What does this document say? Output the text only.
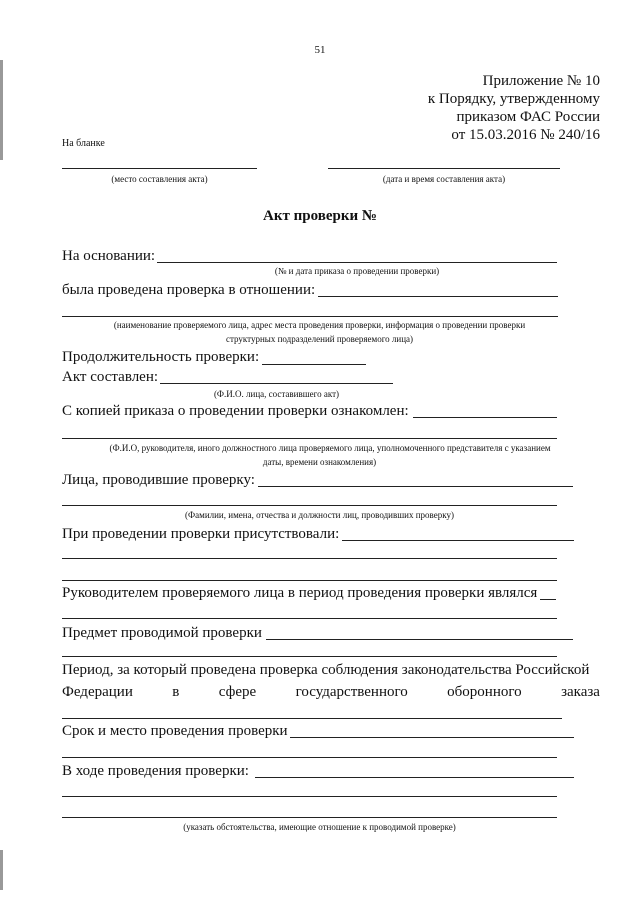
51
Приложение № 10
к Порядку, утвержденному
приказом ФАС России
от 15.03.2016 № 240/16
На бланке
(место составления акта)	(дата и время составления акта)
Акт проверки №
На основании:
(№ и дата приказа о проведении проверки)
была проведена проверка в отношении:
(наименование проверяемого лица, адрес места проведения проверки, информация о проведении проверки
структурных подразделений проверяемого лица)
Продолжительность проверки:
Акт составлен:
(Ф.И.О. лица, составившего акт)
С копией приказа о проведении проверки ознакомлен:
(Ф.И.О, руководителя, иного должностного лица проверяемого лица, уполномоченного представителя с указанием
даты, времени ознакомления)
Лица, проводившие проверку:
(Фамилии, имена, отчества и должности лиц, проводивших проверку)
При проведении проверки присутствовали:
Руководителем проверяемого лица в период проведения проверки являлся
Предмет проводимой проверки
Период, за который проведена проверка соблюдения законодательства Российской
Федерации	в	сфере	государственного	оборонного	заказа
Срок и место проведения проверки
В ходе проведения проверки:
(указать обстоятельства, имеющие отношение к проводимой проверке)
